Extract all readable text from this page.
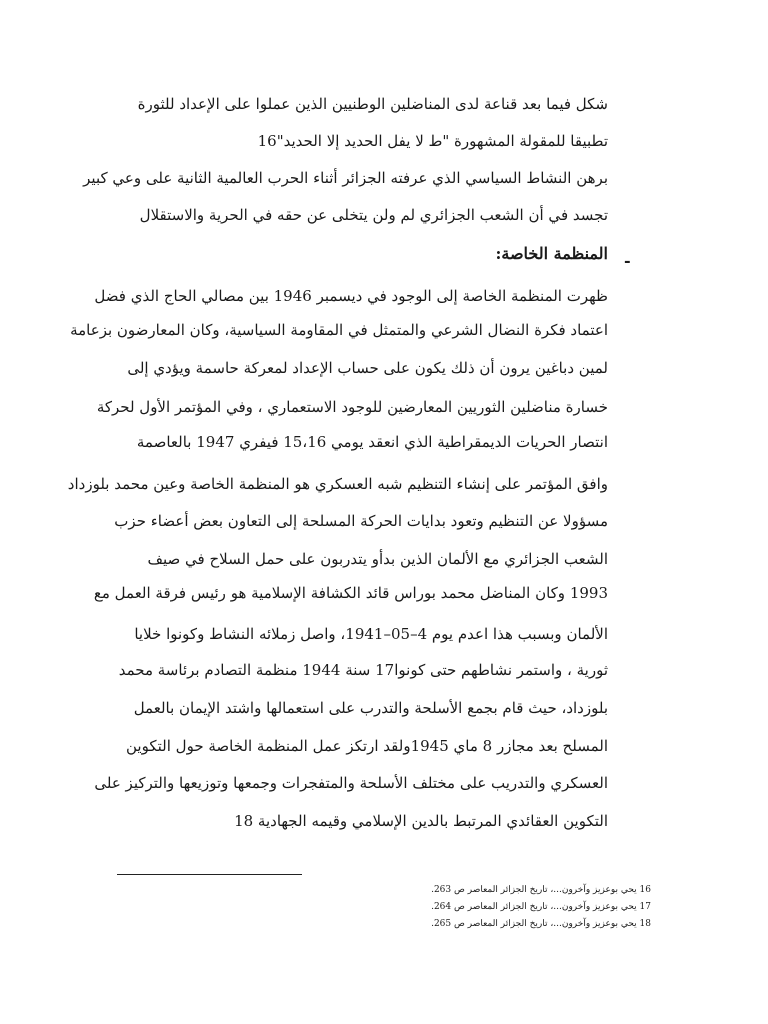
شكل فيما بعد قناعة لدى المناضلين الوطنيين الذين عملوا على الإعداد للثورة
تطبيقا للمقولة المشهورة "ط لا يفل الحديد إلا الحديد"16
برهن النشاط السياسي الذي عرفته الجزائر أثناء الحرب العالمية الثانية على وعي كبير
تجسد في أن الشعب الجزائري لم ولن يتخلى عن حقه في الحرية والاستقلال
-
المنظمة الخاصة:
ظهرت المنظمة الخاصة إلى الوجود في ديسمبر 1946 بين مصالي الحاج الذي فضل
اعتماد فكرة النضال الشرعي والمتمثل في المقاومة السياسية، وكان المعارضون بزعامة
لمين دباغين يرون أن ذلك يكون على حساب الإعداد لمعركة حاسمة ويؤدي إلى
خسارة مناضلين الثوريين المعارضين للوجود الاستعماري ، وفي المؤتمر الأول لحركة
انتصار الحريات الديمقراطية الذي انعقد يومي 15،16 فيفري 1947 بالعاصمة
وافق المؤتمر على إنشاء التنظيم شبه العسكري هو المنظمة الخاصة وعين محمد بلوزداد
مسؤولا عن التنظيم وتعود بدايات الحركة المسلحة إلى التعاون بعض أعضاء حزب
الشعب الجزائري مع الألمان الذين بدأو يتدربون على حمل السلاح في صيف
1993 وكان المناضل محمد بوراس قائد الكشافة الإسلامية هو رئيس فرقة العمل مع
الألمان وبسبب هذا اعدم يوم 4–05–1941، واصل زملائه النشاط وكونوا خلايا
ثورية ، واستمر نشاطهم حتى كونوا17 سنة 1944 منظمة التصادم برئاسة محمد
بلوزداد، حيث قام بجمع الأسلحة والتدرب على استعمالها واشتد الإيمان بالعمل
المسلح بعد مجازر 8 ماي 1945ولقد ارتكز عمل المنظمة الخاصة حول التكوين
العسكري والتدريب على مختلف الأسلحة والمتفجرات وجمعها وتوزيعها والتركيز على
التكوين العقائدي المرتبط بالدين الإسلامي وقيمه الجهادية 18
16 يحي بوعزيز وآخرون...، تاريخ الجزائر المعاصر ص 263.
17 يحي بوعزيز وآخرون...، تاريخ الجزائر المعاصر ص 264.
18 يحي بوعزيز وآخرون...، تاريخ الجزائر المعاصر ص 265.
